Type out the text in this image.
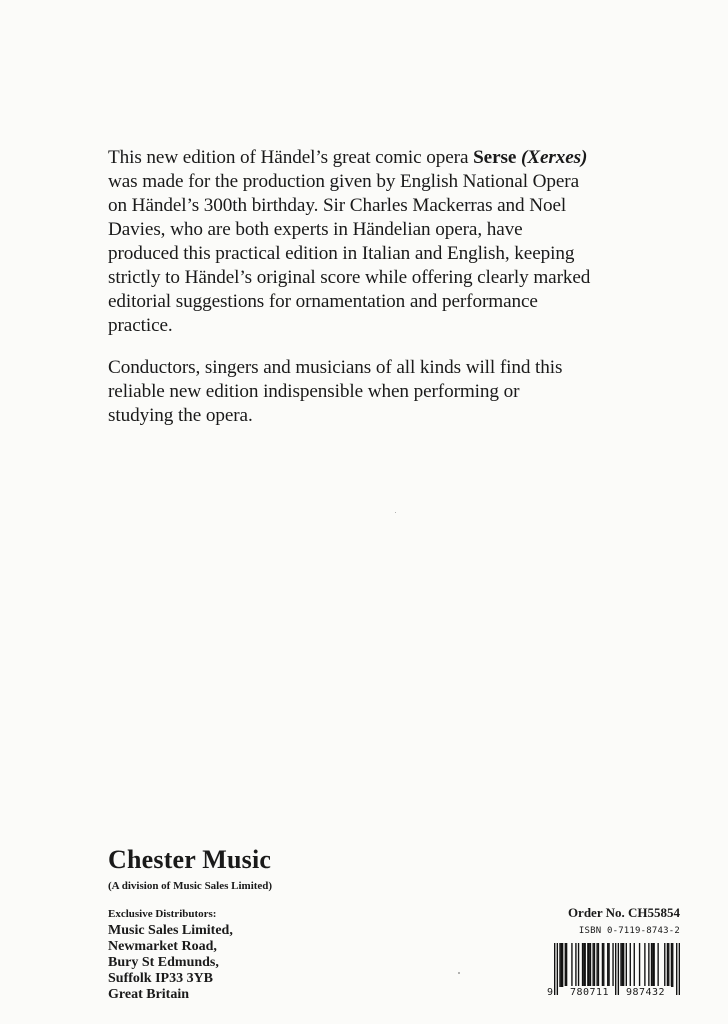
This new edition of Händel’s great comic opera Serse (Xerxes)
was made for the production given by English National Opera
on Händel’s 300th birthday. Sir Charles Mackerras and Noel
Davies, who are both experts in Händelian opera, have
produced this practical edition in Italian and English, keeping
strictly to Händel’s original score while offering clearly marked
editorial suggestions for ornamentation and performance
practice.

Conductors, singers and musicians of all kinds will find this
reliable new edition indispensible when performing or
studying the opera.

Chester Music
(A division of Music Sales Limited)
Exclusive Distributors:
Music Sales Limited,
Newmarket Road,
Bury St Edmunds,
Suffolk IP33 3YB
Great Britain
Order No. CH55854
ISBN 0-7119-8743-2
9	780711	987432
